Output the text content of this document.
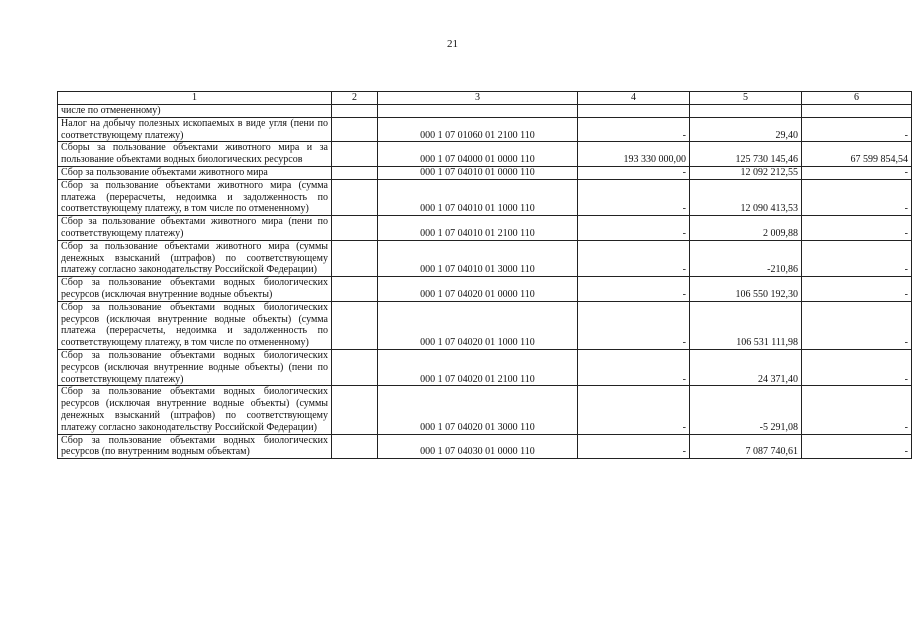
21
1	2	3	4	5	6
числе по отмененному)					
Налог на добычу полезных ископаемых в виде угля (пени по соответствующему платежу)		000 1 07 01060 01 2100 110	-	29,40	-
Сборы за пользование объектами животного мира и за пользование объектами водных биологических ресурсов		000 1 07 04000 01 0000 110	193 330 000,00	125 730 145,46	67 599 854,54
Сбор за пользование объектами животного мира		000 1 07 04010 01 0000 110	-	12 092 212,55	-
Сбор за пользование объектами животного мира (сумма платежа (перерасчеты, недоимка и задолженность по соответствующему платежу, в том числе по отмененному)		000 1 07 04010 01 1000 110	-	12 090 413,53	-
Сбор за пользование объектами животного мира (пени по соответствующему платежу)		000 1 07 04010 01 2100 110	-	2 009,88	-
Сбор за пользование объектами животного мира (суммы денежных взысканий (штрафов) по соответствующему платежу согласно законодательству Российской Федерации)		000 1 07 04010 01 3000 110	-	-210,86	-
Сбор за пользование объектами водных биологических ресурсов (исключая внутренние водные объекты)		000 1 07 04020 01 0000 110	-	106 550 192,30	-
Сбор за пользование объектами водных биологических ресурсов (исключая внутренние водные объекты) (сумма платежа (перерасчеты, недоимка и задолженность по соответствующему платежу, в том числе по отмененному)		000 1 07 04020 01 1000 110	-	106 531 111,98	-
Сбор за пользование объектами водных биологических ресурсов (исключая внутренние водные объекты) (пени по соответствующему платежу)		000 1 07 04020 01 2100 110	-	24 371,40	-
Сбор за пользование объектами водных биологических ресурсов (исключая внутренние водные объекты) (суммы денежных взысканий (штрафов) по соответствующему платежу согласно законодательству Российской Федерации)		000 1 07 04020 01 3000 110	-	-5 291,08	-
Сбор за пользование объектами водных биологических ресурсов (по внутренним водным объектам)		000 1 07 04030 01 0000 110	-	7 087 740,61	-
